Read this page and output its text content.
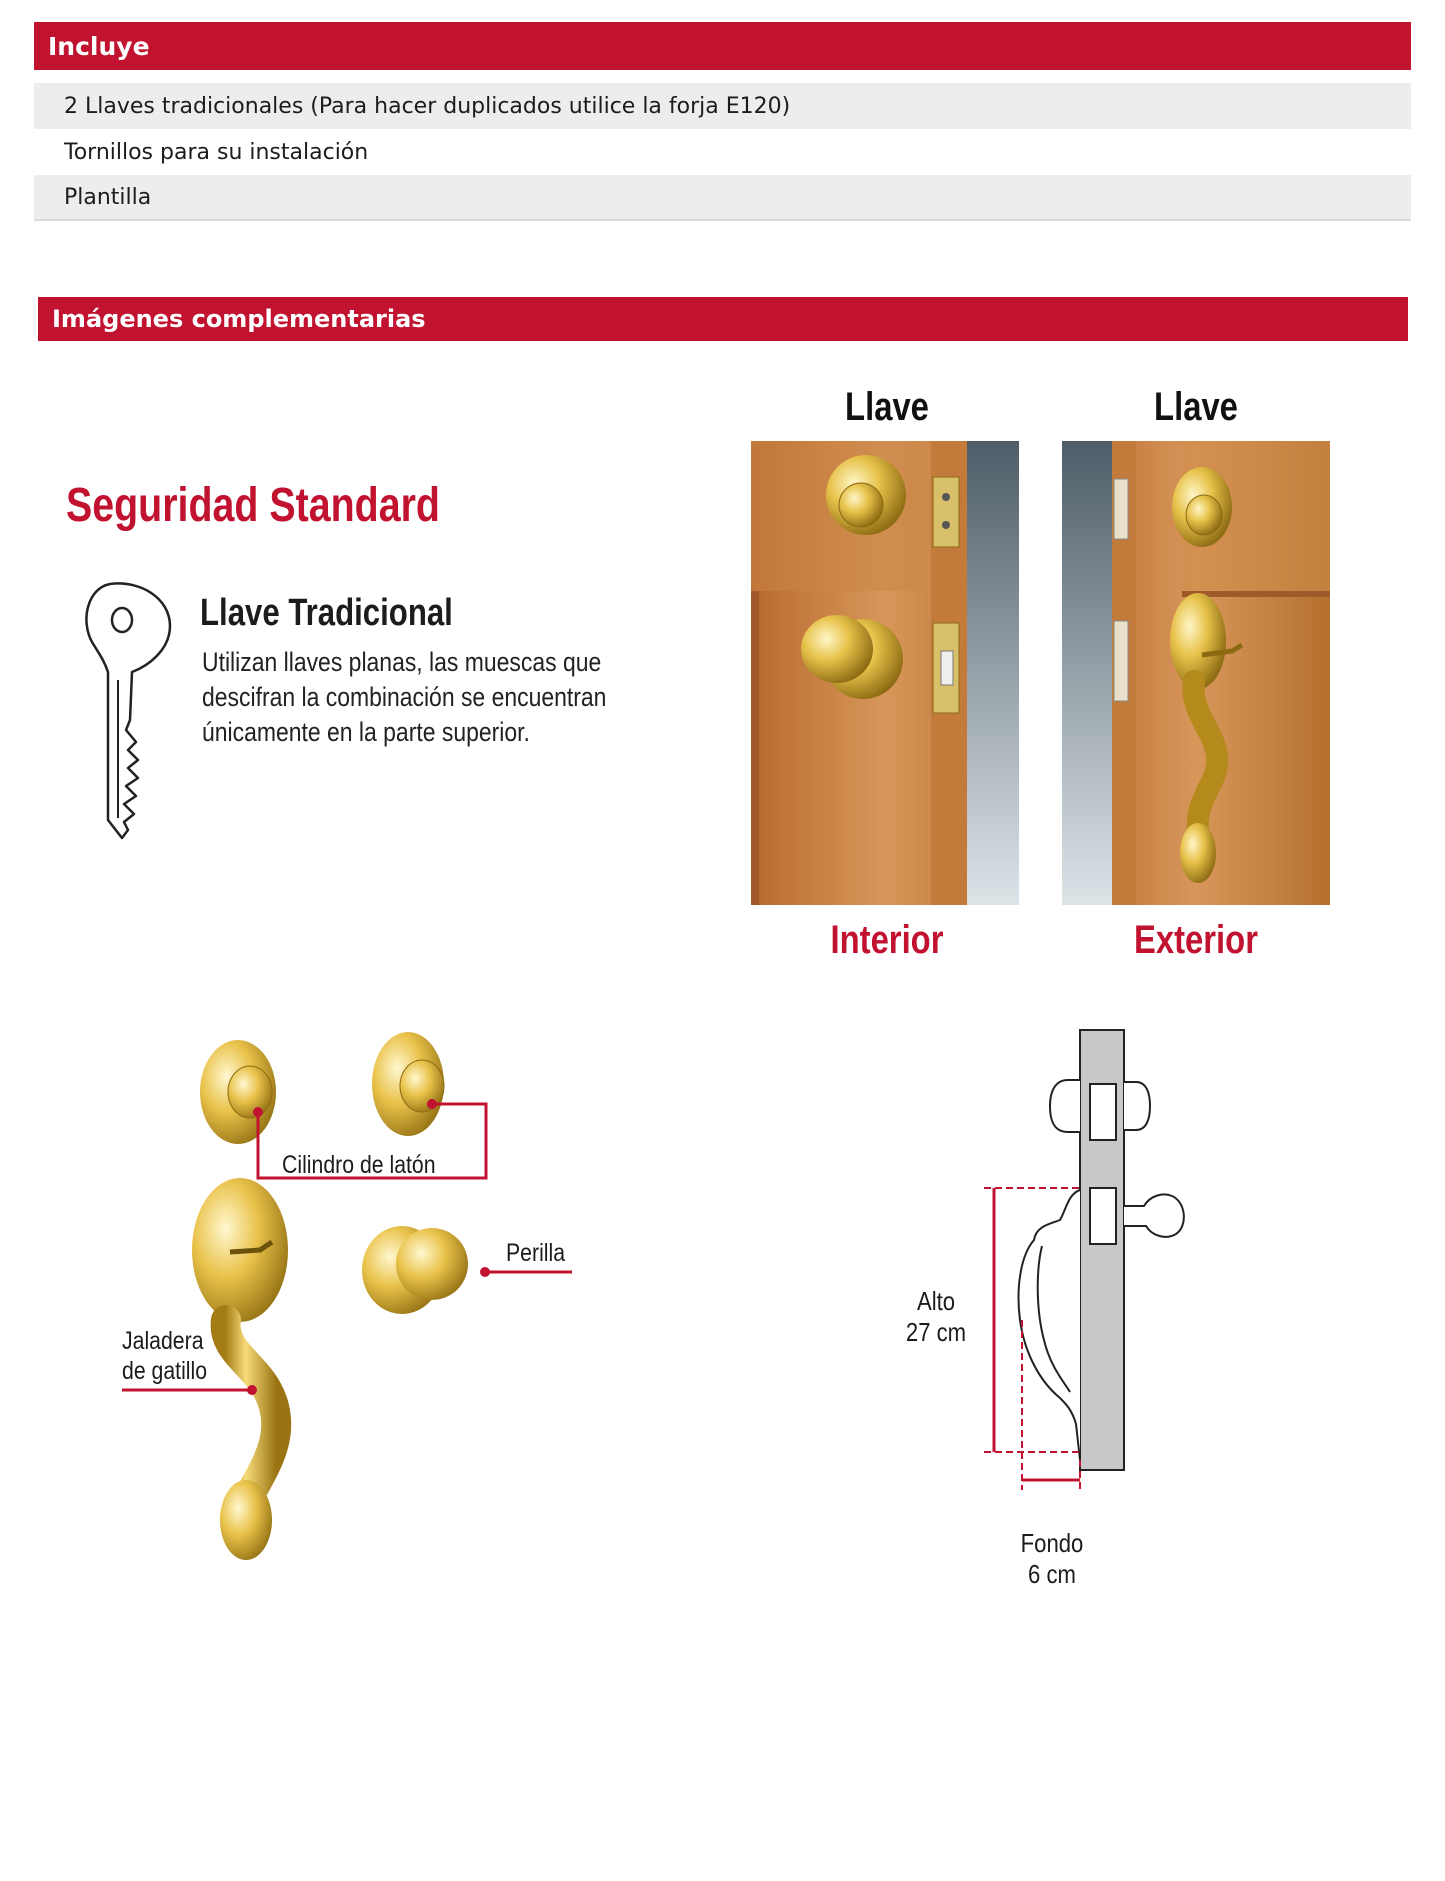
Incluye
2 Llaves tradicionales (Para hacer duplicados utilice la forja E120)
Tornillos para su instalación
Plantilla
Imágenes complementarias
Seguridad Standard
Llave Tradicional
Utilizan llaves planas, las muescas que descifran la combinación se encuentran únicamente en la parte superior.
Llave	Llave
Interior	Exterior
Cilindro de latón
Perilla
Jaladera
de gatillo
Alto
27 cm
Fondo
6 cm
